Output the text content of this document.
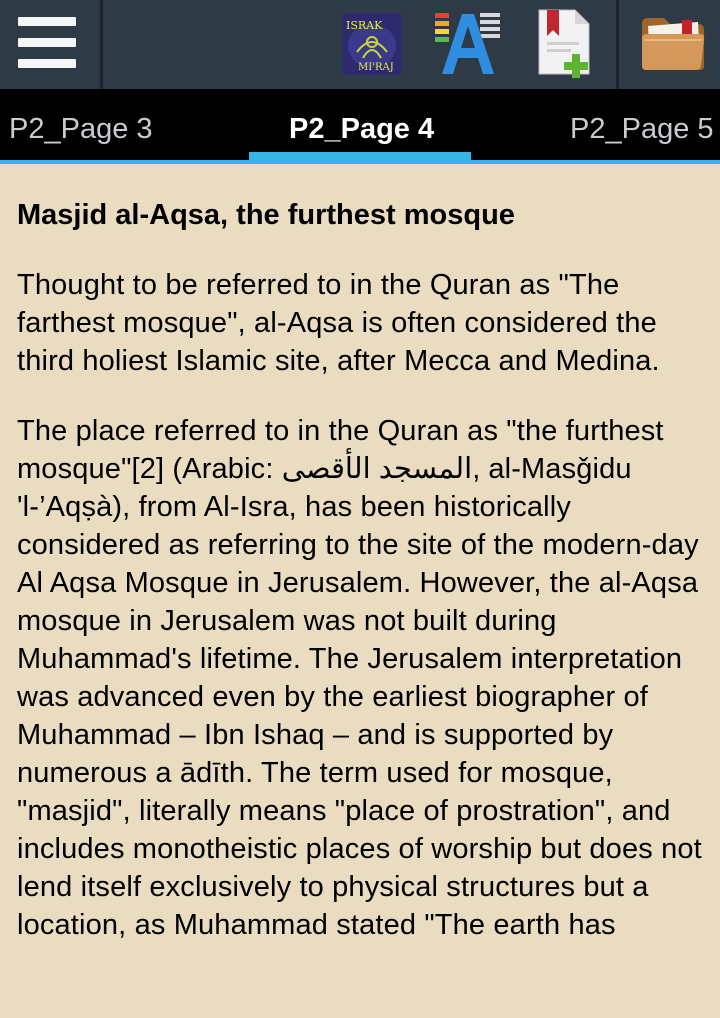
ISRAK
MI'RAJ
P2_Page 3	P2_Page 4	P2_Page 5
Masjid al-Aqsa, the furthest mosque

Thought to be referred to in the Quran as "The farthest mosque", al-Aqsa is often considered the third holiest Islamic site, after Mecca and Medina.

The place referred to in the Quran as "the furthest mosque"[2] (Arabic: المسجد الأقصى, al-Masǧidu 'l-’Aqṣà), from Al-Isra, has been historically considered as referring to the site of the modern-day Al Aqsa Mosque in Jerusalem. However, the al-Aqsa mosque in Jerusalem was not built during Muhammad's lifetime. The Jerusalem interpretation was advanced even by the earliest biographer of Muhammad – Ibn Ishaq – and is supported by numerous a ādīth. The term used for mosque, "masjid", literally means "place of prostration", and includes monotheistic places of worship but does not lend itself exclusively to physical structures but a location, as Muhammad stated "The earth has
